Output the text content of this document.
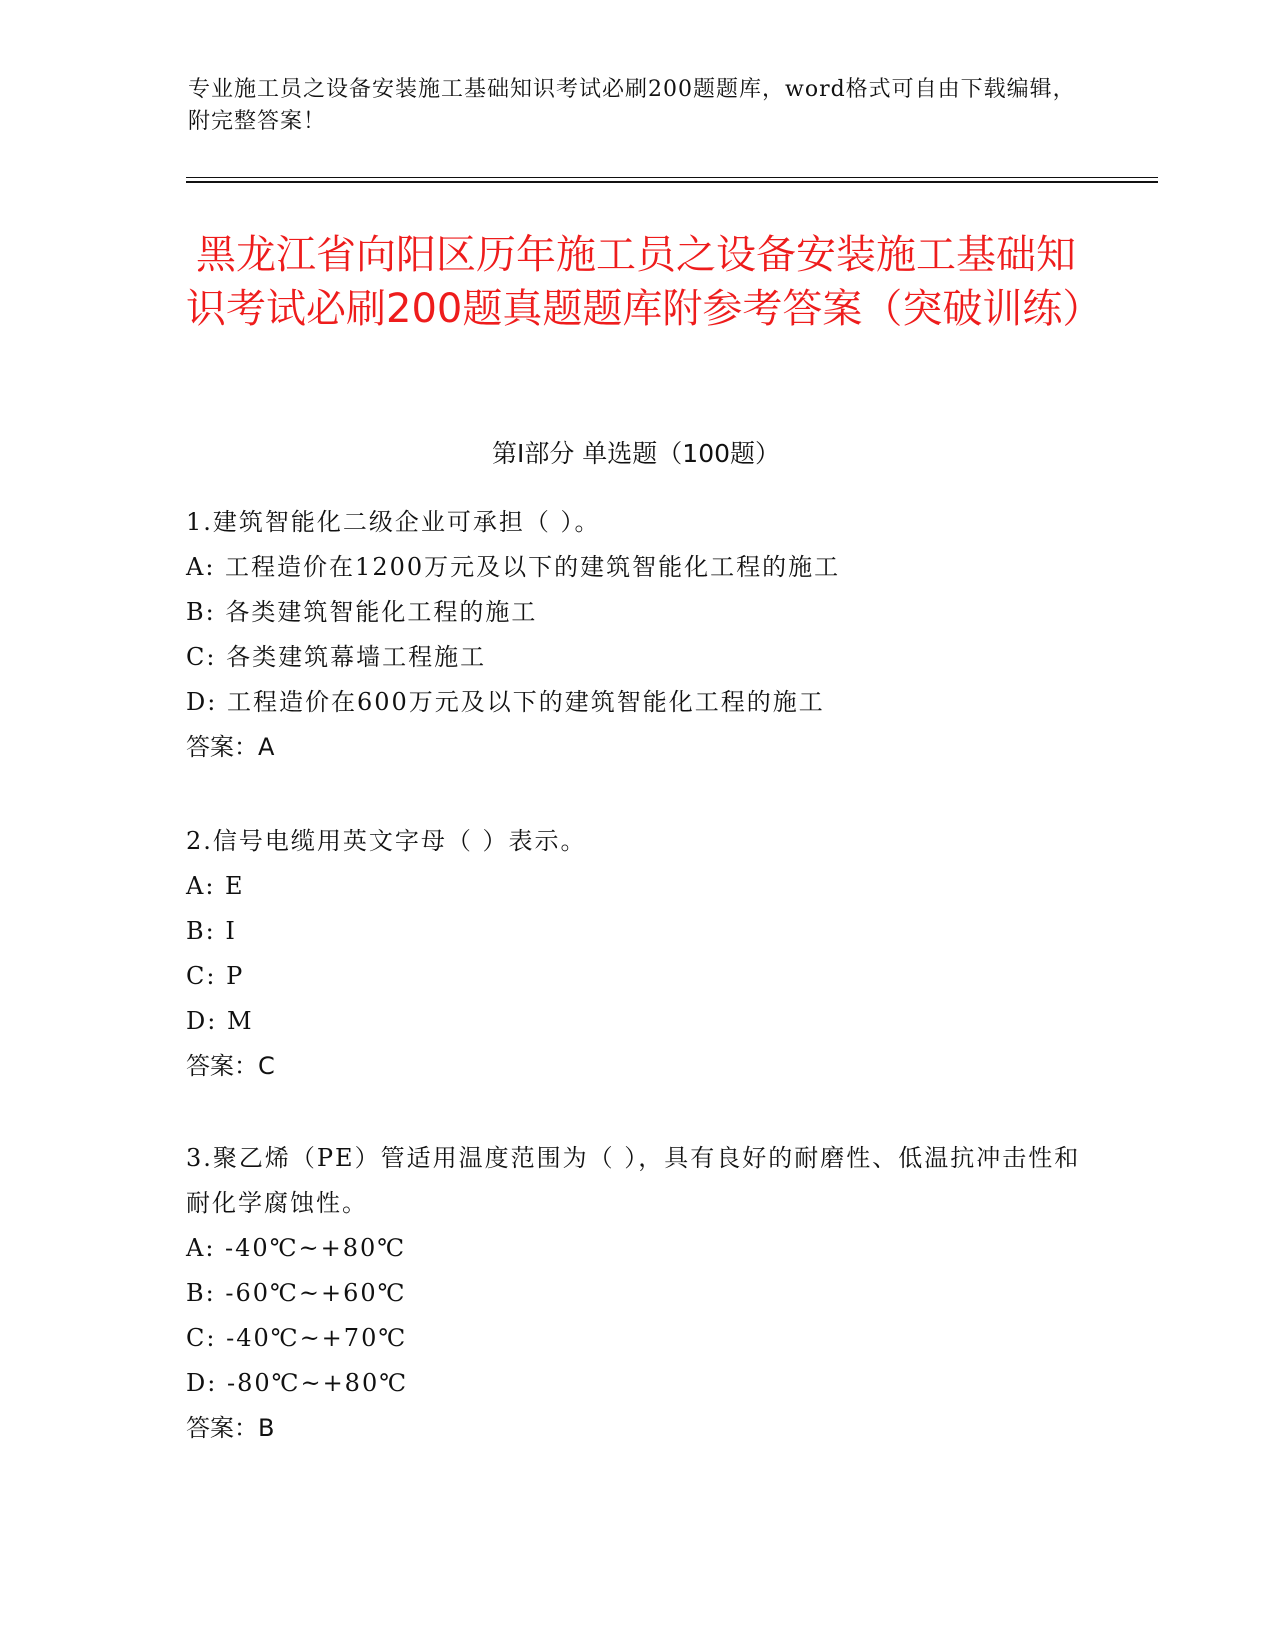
专业施工员之设备安装施工基础知识考试必刷200题题库，word格式可自由下载编辑，附完整答案！
黑龙江省向阳区历年施工员之设备安装施工基础知识考试必刷200题真题题库附参考答案（突破训练）
第I部分 单选题（100题）
1.建筑智能化二级企业可承担（ ）。
A: 工程造价在1200万元及以下的建筑智能化工程的施工
B: 各类建筑智能化工程的施工
C: 各类建筑幕墙工程施工
D: 工程造价在600万元及以下的建筑智能化工程的施工
答案：A
2.信号电缆用英文字母（ ）表示。
A: E
B: I
C: P
D: M
答案：C
3.聚乙烯（PE）管适用温度范围为（ ），具有良好的耐磨性、低温抗冲击性和耐化学腐蚀性。
A: -40℃~+80℃
B: -60℃~+60℃
C: -40℃~+70℃
D: -80℃~+80℃
答案：B
